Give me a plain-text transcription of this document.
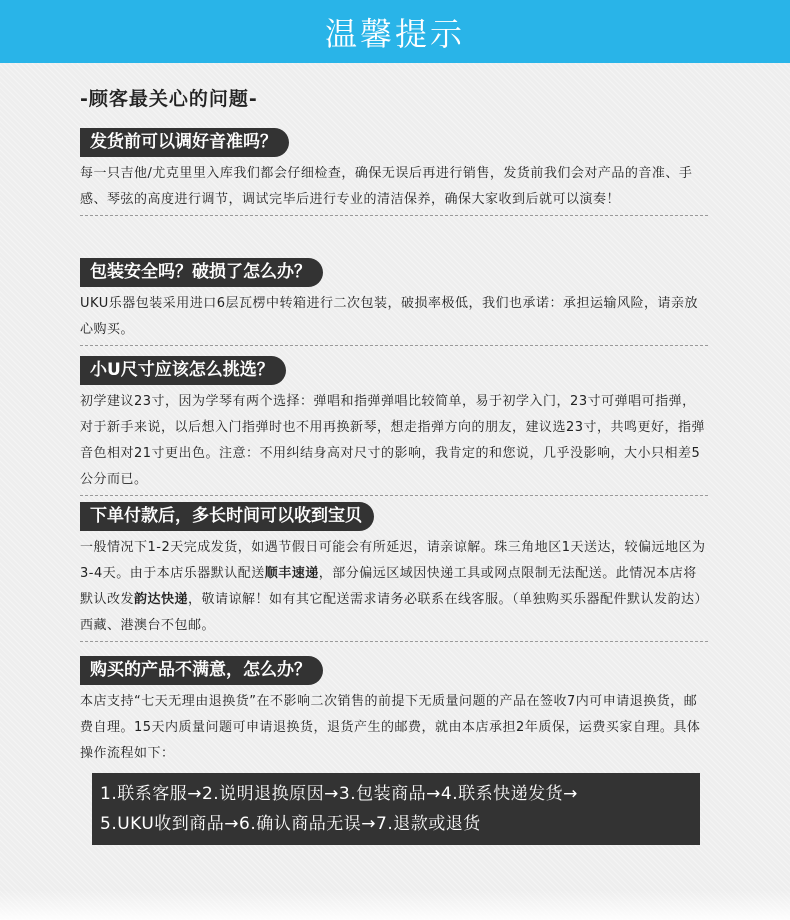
温馨提示
-顾客最关心的问题-
发货前可以调好音准吗？
每一只吉他/尤克里里入库我们都会仔细检查，确保无误后再进行销售，发货前我们会对产品的音准、手感、琴弦的高度进行调节，调试完毕后进行专业的清洁保养，确保大家收到后就可以演奏！
包装安全吗？破损了怎么办？
UKU乐器包装采用进口6层瓦楞中转箱进行二次包装，破损率极低，我们也承诺：承担运输风险，请亲放心购买。
小U尺寸应该怎么挑选？
初学建议23寸，因为学琴有两个选择：弹唱和指弹弹唱比较简单，易于初学入门，23寸可弹唱可指弹，对于新手来说，以后想入门指弹时也不用再换新琴，想走指弹方向的朋友，建议选23寸，共鸣更好，指弹音色相对21寸更出色。注意：不用纠结身高对尺寸的影响，我肯定的和您说，几乎没影响，大小只相差5公分而已。
下单付款后，多长时间可以收到宝贝
一般情况下1-2天完成发货，如遇节假日可能会有所延迟，请亲谅解。珠三角地区1天送达，较偏远地区为3-4天。由于本店乐器默认配送顺丰速递，部分偏远区域因快递工具或网点限制无法配送。此情况本店将默认改发韵达快递，敬请谅解！如有其它配送需求请务必联系在线客服。（单独购买乐器配件默认发韵达）西藏、港澳台不包邮。
购买的产品不满意，怎么办？
本店支持“七天无理由退换货”在不影响二次销售的前提下无质量问题的产品在签收7内可申请退换货，邮费自理。15天内质量问题可申请退换货，退货产生的邮费，就由本店承担2年质保，运费买家自理。具体操作流程如下：
1.联系客服→2.说明退换原因→3.包装商品→4.联系快递发货→
5.UKU收到商品→6.确认商品无误→7.退款或退货
